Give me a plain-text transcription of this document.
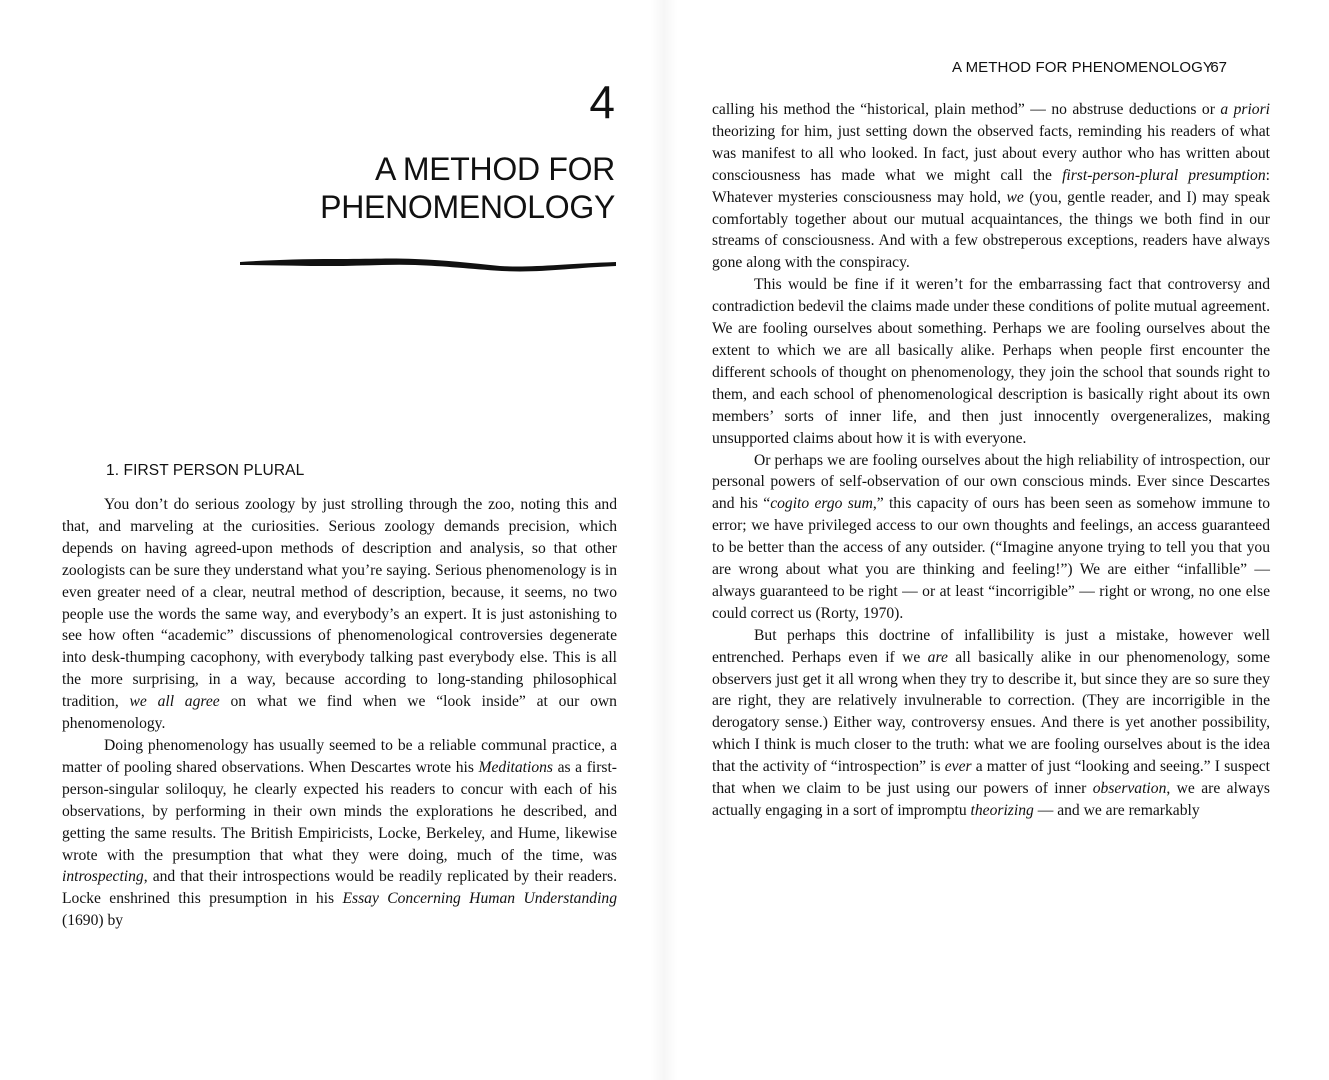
4
A METHOD FOR
PHENOMENOLOGY
1. FIRST PERSON PLURAL

You don’t do serious zoology by just strolling through the zoo, noting this and that, and marveling at the curiosities. Serious zoology demands precision, which depends on having agreed-upon methods of description and analysis, so that other zoologists can be sure they understand what you’re saying. Serious phenomenology is in even greater need of a clear, neutral method of description, because, it seems, no two people use the words the same way, and everybody’s an expert. It is just astonishing to see how often “academic” discussions of phenomenological controversies degenerate into desk-thumping cacophony, with everybody talking past everybody else. This is all the more surprising, in a way, because according to long-standing philosophical tradition, we all agree on what we find when we “look inside” at our own phenomenology.

Doing phenomenology has usually seemed to be a reliable communal practice, a matter of pooling shared observations. When Descartes wrote his Meditations as a first-person-singular soliloquy, he clearly expected his readers to concur with each of his observations, by performing in their own minds the explorations he described, and getting the same results. The British Empiricists, Locke, Berkeley, and Hume, likewise wrote with the presumption that what they were doing, much of the time, was introspecting, and that their introspections would be readily replicated by their readers. Locke enshrined this presumption in his Essay Concerning Human Understanding (1690) by

A METHOD FOR PHENOMENOLOGY
67

calling his method the “historical, plain method” — no abstruse deductions or a priori theorizing for him, just setting down the observed facts, reminding his readers of what was manifest to all who looked. In fact, just about every author who has written about consciousness has made what we might call the first-person-plural presumption: Whatever mysteries consciousness may hold, we (you, gentle reader, and I) may speak comfortably together about our mutual acquaintances, the things we both find in our streams of consciousness. And with a few obstreperous exceptions, readers have always gone along with the conspiracy.

This would be fine if it weren’t for the embarrassing fact that controversy and contradiction bedevil the claims made under these conditions of polite mutual agreement. We are fooling ourselves about something. Perhaps we are fooling ourselves about the extent to which we are all basically alike. Perhaps when people first encounter the different schools of thought on phenomenology, they join the school that sounds right to them, and each school of phenomenological description is basically right about its own members’ sorts of inner life, and then just innocently overgeneralizes, making unsupported claims about how it is with everyone.

Or perhaps we are fooling ourselves about the high reliability of introspection, our personal powers of self-observation of our own conscious minds. Ever since Descartes and his “cogito ergo sum,” this capacity of ours has been seen as somehow immune to error; we have privileged access to our own thoughts and feelings, an access guaranteed to be better than the access of any outsider. (“Imagine anyone trying to tell you that you are wrong about what you are thinking and feeling!”) We are either “infallible” — always guaranteed to be right — or at least “incorrigible” — right or wrong, no one else could correct us (Rorty, 1970).

But perhaps this doctrine of infallibility is just a mistake, however well entrenched. Perhaps even if we are all basically alike in our phenomenology, some observers just get it all wrong when they try to describe it, but since they are so sure they are right, they are relatively invulnerable to correction. (They are incorrigible in the derogatory sense.) Either way, controversy ensues. And there is yet another possibility, which I think is much closer to the truth: what we are fooling ourselves about is the idea that the activity of “introspection” is ever a matter of just “looking and seeing.” I suspect that when we claim to be just using our powers of inner observation, we are always actually engaging in a sort of impromptu theorizing — and we are remarkably
